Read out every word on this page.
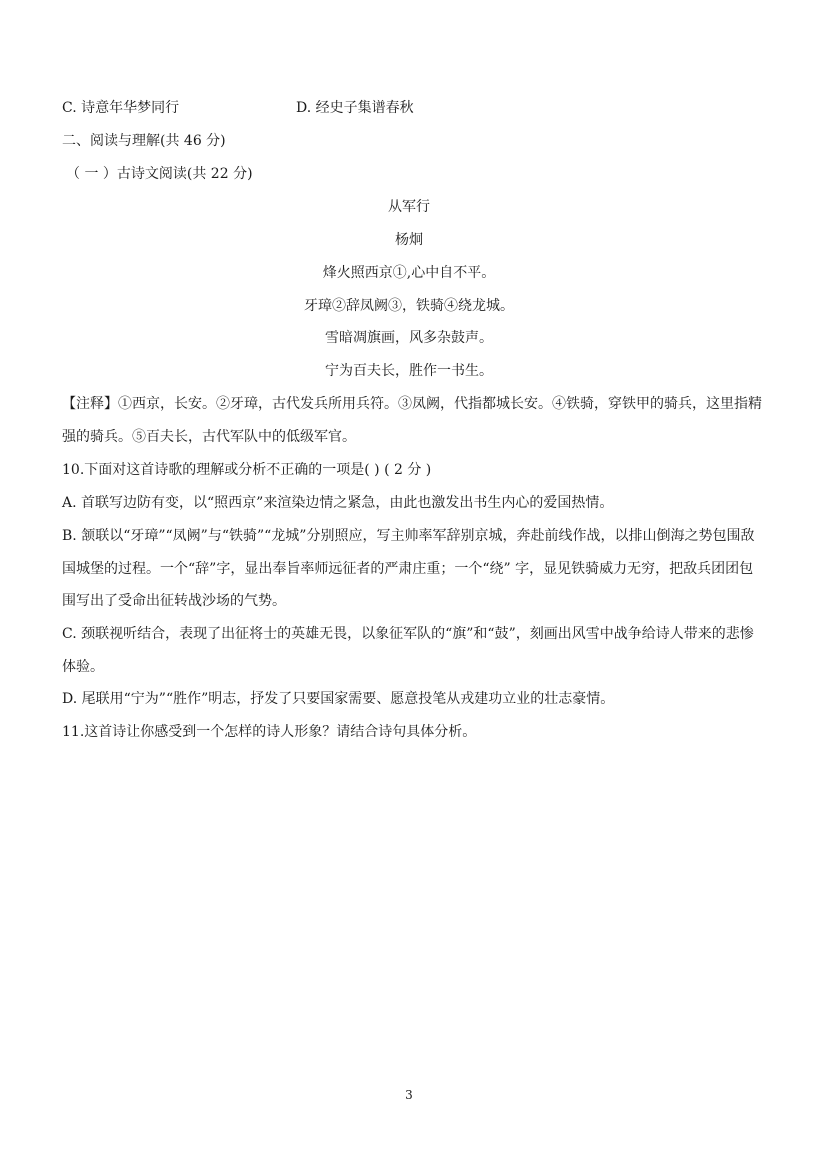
C. 诗意年华梦同行	D. 经史子集谱春秋
二、阅读与理解(共 46 分)
（ 一 ）古诗文阅读(共 22 分)
从军行
杨炯
烽火照西京①,心中自不平。
牙璋②辞凤阙③，铁骑④绕龙城。
雪暗凋旗画，风多杂鼓声。
宁为百夫长，胜作一书生。
【注释】①西京，长安。②牙璋，古代发兵所用兵符。③凤阙，代指都城长安。④铁骑，穿铁甲的骑兵，这里指精强的骑兵。⑤百夫长，古代军队中的低级军官。
10.下面对这首诗歌的理解或分析不正确的一项是( ) ( 2 分 )
A. 首联写边防有变，以“照西京”来渲染边情之紧急，由此也激发出书生内心的爱国热情。
B. 颔联以“牙璋”“凤阙”与“铁骑”“龙城”分别照应，写主帅率军辞别京城，奔赴前线作战，以排山倒海之势包围敌国城堡的过程。一个“辞”字，显出奉旨率师远征者的严肃庄重；一个“绕” 字，显见铁骑威力无穷，把敌兵团团包围写出了受命出征转战沙场的气势。
C. 颈联视听结合，表现了出征将士的英雄无畏，以象征军队的“旗”和“鼓”，刻画出风雪中战争给诗人带来的悲惨体验。
D. 尾联用“宁为”“胜作”明志，抒发了只要国家需要、愿意投笔从戎建功立业的壮志豪情。
11.这首诗让你感受到一个怎样的诗人形象？请结合诗句具体分析。
3
